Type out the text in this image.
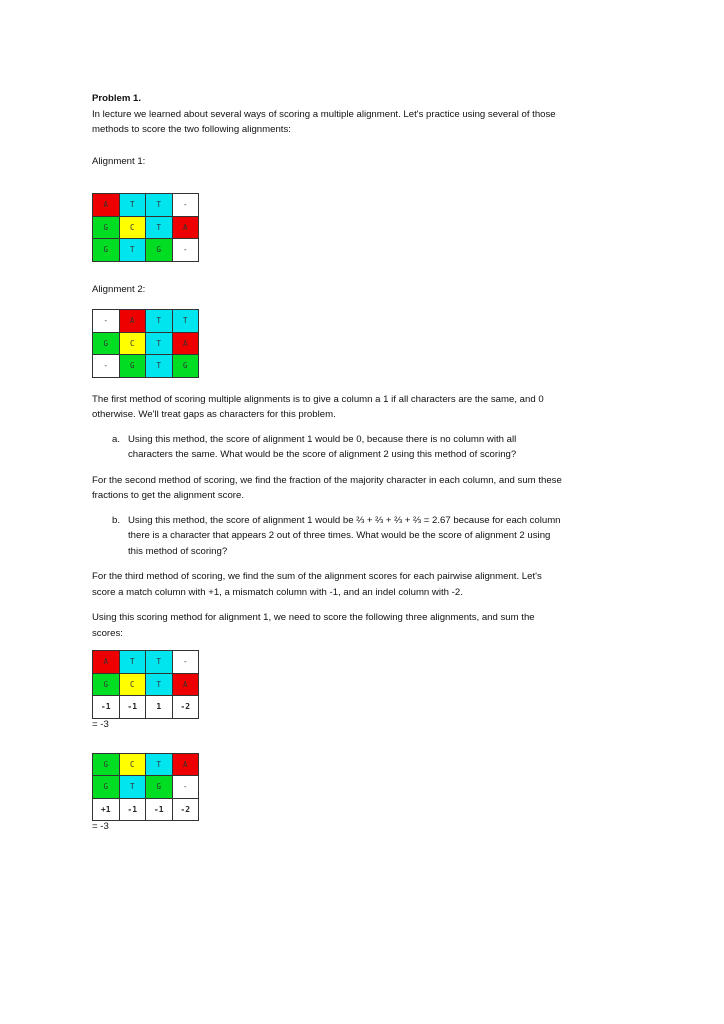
Problem 1.

In lecture we learned about several ways of scoring a multiple alignment. Let's practice using several of those methods to score the two following alignments:

Alignment 1:

A	T	T	-
G	C	T	A
G	T	G	-

Alignment 2:

-	A	T	T
G	C	T	A
-	G	T	G

The first method of scoring multiple alignments is to give a column a 1 if all characters are the same, and 0 otherwise. We'll treat gaps as characters for this problem.

a. Using this method, the score of alignment 1 would be 0, because there is no column with all characters the same. What would be the score of alignment 2 using this method of scoring?

For the second method of scoring, we find the fraction of the majority character in each column, and sum these fractions to get the alignment score.

b. Using this method, the score of alignment 1 would be ⅔ + ⅔ + ⅔ + ⅔ = 2.67 because for each column there is a character that appears 2 out of three times. What would be the score of alignment 2 using this method of scoring?

For the third method of scoring, we find the sum of the alignment scores for each pairwise alignment. Let's score a match column with +1, a mismatch column with -1, and an indel column with -2.

Using this scoring method for alignment 1, we need to score the following three alignments, and sum the scores:

A	T	T	-
G	C	T	A
-1	-1	1	-2

= -3

G	C	T	A
G	T	G	-
+1	-1	-1	-2

= -3
